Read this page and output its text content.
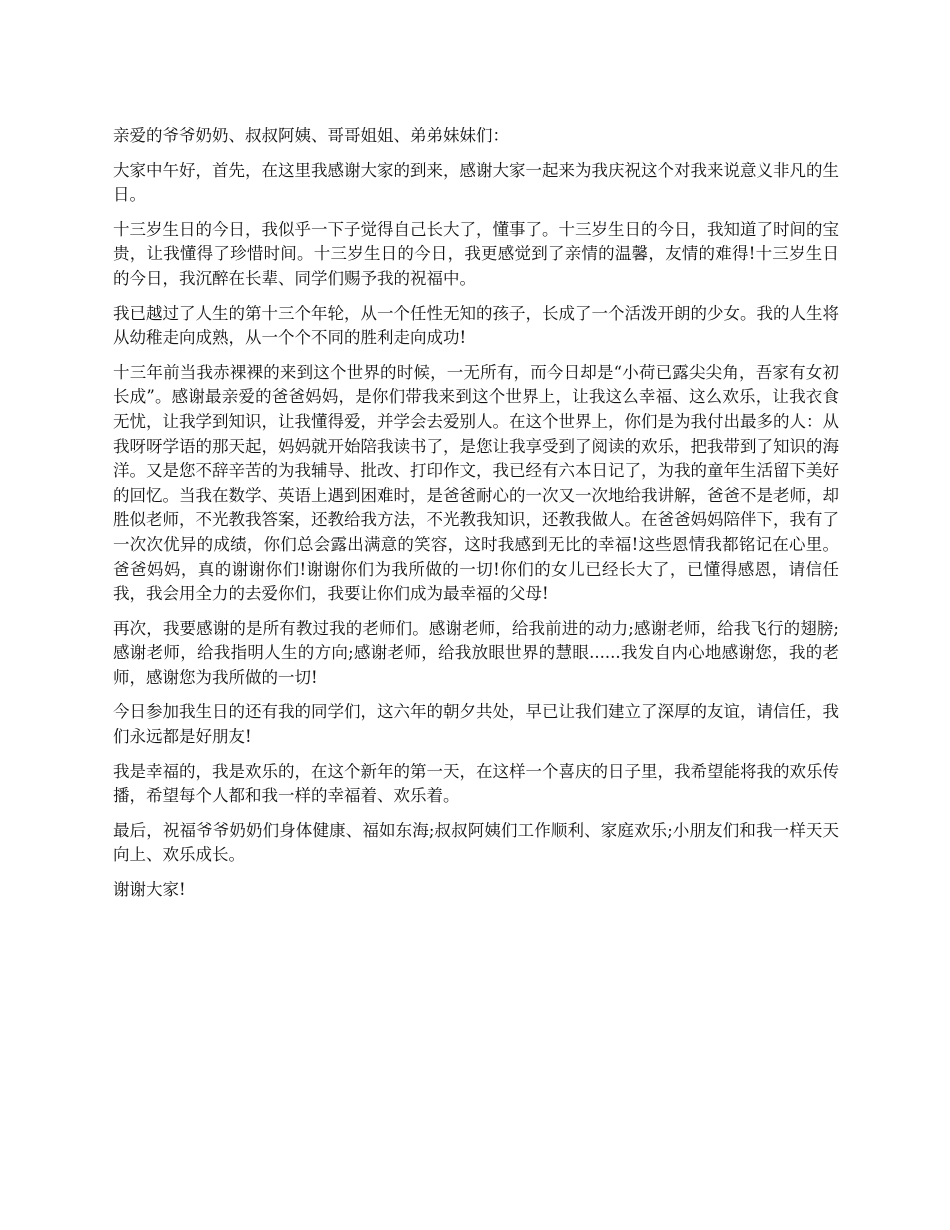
亲爱的爷爷奶奶、叔叔阿姨、哥哥姐姐、弟弟妹妹们：

大家中午好，首先，在这里我感谢大家的到来，感谢大家一起来为我庆祝这个对我来说意义非凡的生日。

十三岁生日的今日，我似乎一下子觉得自己长大了，懂事了。十三岁生日的今日，我知道了时间的宝贵，让我懂得了珍惜时间。十三岁生日的今日，我更感觉到了亲情的温馨，友情的难得!十三岁生日的今日，我沉醉在长辈、同学们赐予我的祝福中。

我已越过了人生的第十三个年轮，从一个任性无知的孩子，长成了一个活泼开朗的少女。我的人生将从幼稚走向成熟，从一个个不同的胜利走向成功!

十三年前当我赤裸裸的来到这个世界的时候，一无所有，而今日却是“小荷已露尖尖角，吾家有女初长成”。感谢最亲爱的爸爸妈妈，是你们带我来到这个世界上，让我这么幸福、这么欢乐，让我衣食无忧，让我学到知识，让我懂得爱，并学会去爱别人。在这个世界上，你们是为我付出最多的人：从我呀呀学语的那天起，妈妈就开始陪我读书了，是您让我享受到了阅读的欢乐，把我带到了知识的海洋。又是您不辞辛苦的为我辅导、批改、打印作文，我已经有六本日记了，为我的童年生活留下美好的回忆。当我在数学、英语上遇到困难时，是爸爸耐心的一次又一次地给我讲解，爸爸不是老师，却胜似老师，不光教我答案，还教给我方法，不光教我知识，还教我做人。在爸爸妈妈陪伴下，我有了一次次优异的成绩，你们总会露出满意的笑容，这时我感到无比的幸福!这些恩情我都铭记在心里。爸爸妈妈，真的谢谢你们!谢谢你们为我所做的一切!你们的女儿已经长大了，已懂得感恩，请信任我，我会用全力的去爱你们，我要让你们成为最幸福的父母!

再次，我要感谢的是所有教过我的老师们。感谢老师，给我前进的动力;感谢老师，给我飞行的翅膀;感谢老师，给我指明人生的方向;感谢老师，给我放眼世界的慧眼......我发自内心地感谢您，我的老师，感谢您为我所做的一切!

今日参加我生日的还有我的同学们，这六年的朝夕共处，早已让我们建立了深厚的友谊，请信任，我们永远都是好朋友!

我是幸福的，我是欢乐的，在这个新年的第一天，在这样一个喜庆的日子里，我希望能将我的欢乐传播，希望每个人都和我一样的幸福着、欢乐着。

最后，祝福爷爷奶奶们身体健康、福如东海;叔叔阿姨们工作顺利、家庭欢乐;小朋友们和我一样天天向上、欢乐成长。

谢谢大家!
